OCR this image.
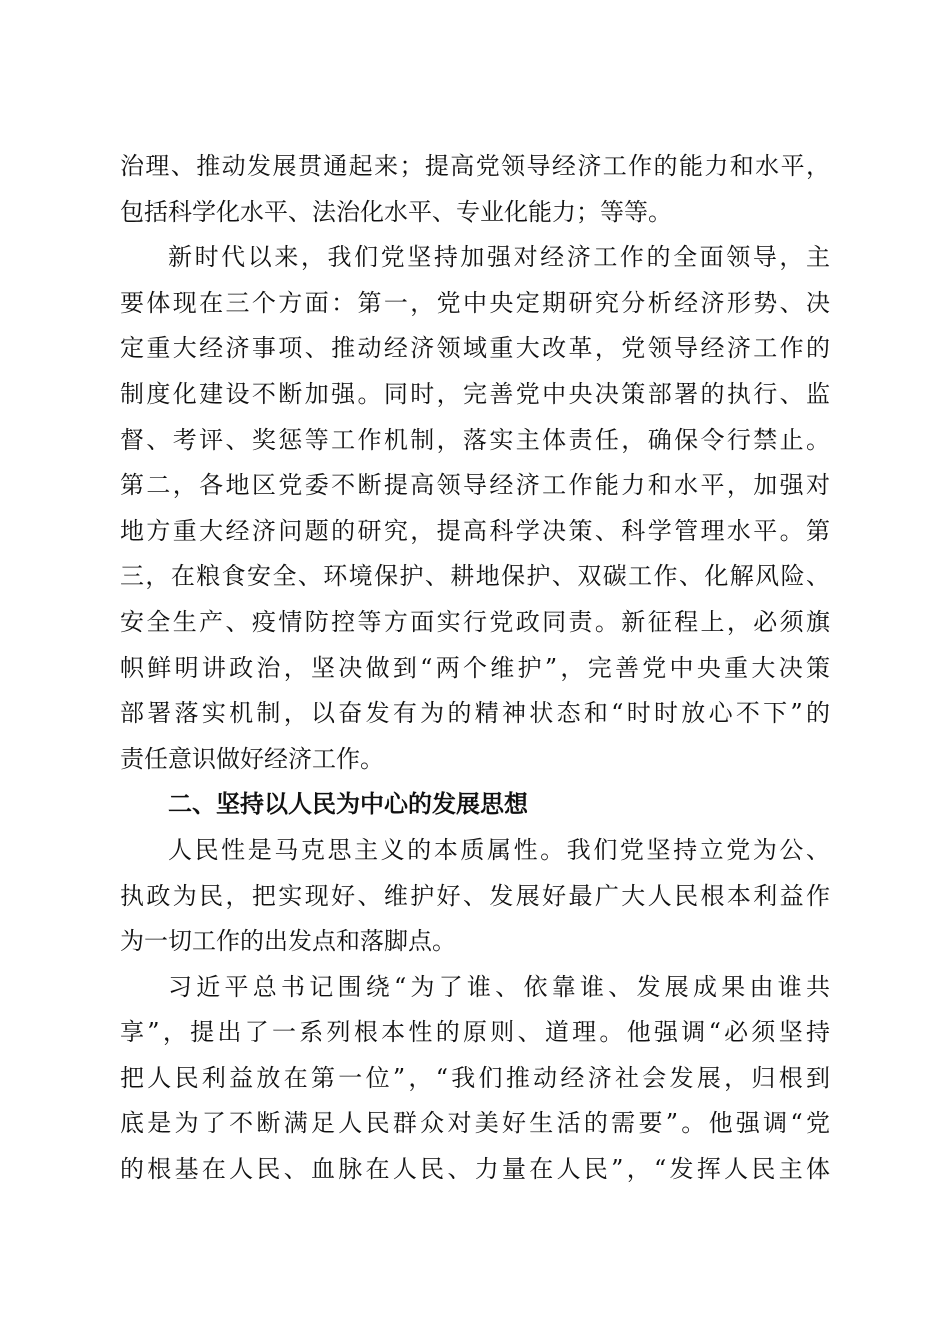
治理、推动发展贯通起来；提高党领导经济工作的能力和水平，
包括科学化水平、法治化水平、专业化能力；等等。
新时代以来，我们党坚持加强对经济工作的全面领导，主
要体现在三个方面：第一，党中央定期研究分析经济形势、决
定重大经济事项、推动经济领域重大改革，党领导经济工作的
制度化建设不断加强。同时，完善党中央决策部署的执行、监
督、考评、奖惩等工作机制，落实主体责任，确保令行禁止。
第二，各地区党委不断提高领导经济工作能力和水平，加强对
地方重大经济问题的研究，提高科学决策、科学管理水平。第
三，在粮食安全、环境保护、耕地保护、双碳工作、化解风险、
安全生产、疫情防控等方面实行党政同责。新征程上，必须旗
帜鲜明讲政治，坚决做到“两个维护”，完善党中央重大决策
部署落实机制，以奋发有为的精神状态和“时时放心不下”的
责任意识做好经济工作。
二、坚持以人民为中心的发展思想
人民性是马克思主义的本质属性。我们党坚持立党为公、
执政为民，把实现好、维护好、发展好最广大人民根本利益作
为一切工作的出发点和落脚点。
习近平总书记围绕“为了谁、依靠谁、发展成果由谁共
享”，提出了一系列根本性的原则、道理。他强调“必须坚持
把人民利益放在第一位”，“我们推动经济社会发展，归根到
底是为了不断满足人民群众对美好生活的需要”。他强调“党
的根基在人民、血脉在人民、力量在人民”，“发挥人民主体
